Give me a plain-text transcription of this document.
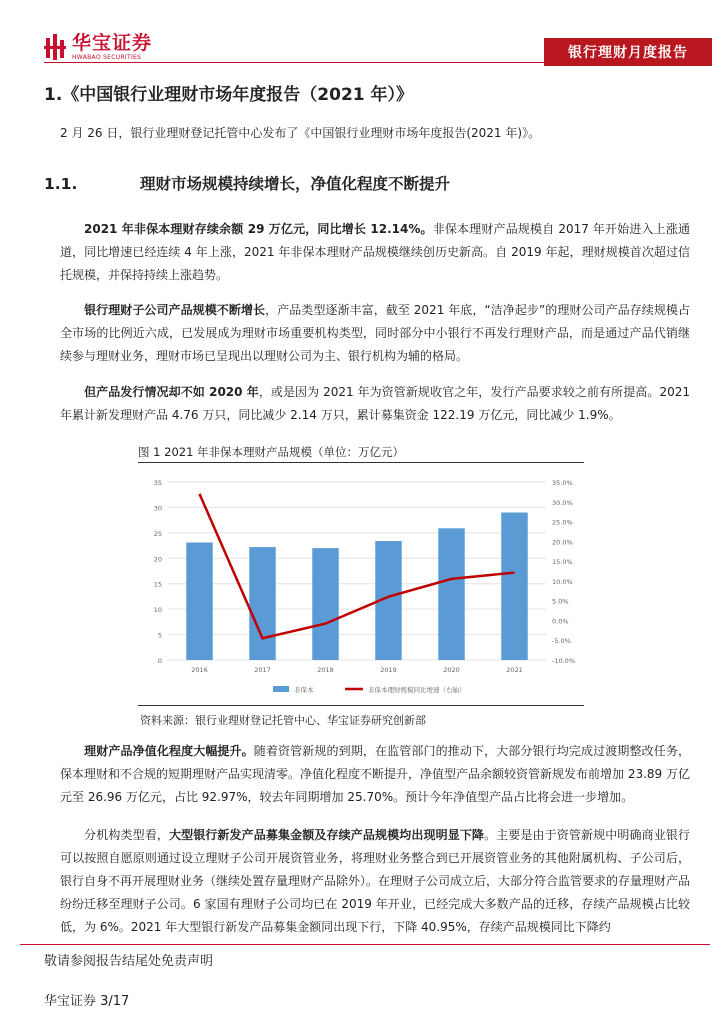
华宝证券
HWABAO SECURITIES	银行理财月度报告
1.《中国银行业理财市场年度报告（2021 年）》
2 月 26 日，银行业理财登记托管中心发布了《中国银行业理财市场年度报告(2021 年)》。
1.1.	理财市场规模持续增长，净值化程度不断提升
  2021 年非保本理财存续余额 29 万亿元，同比增长 12.14%。非保本理财产品规模自 2017 年开始进入上涨通道，同比增速已经连续 4 年上涨，2021 年非保本理财产品规模继续创历史新高。自 2019 年起，理财规模首次超过信托规模，并保持持续上涨趋势。
  银行理财子公司产品规模不断增长，产品类型逐渐丰富，截至 2021 年底，“洁净起步”的理财公司产品存续规模占全市场的比例近六成，已发展成为理财市场重要机构类型，同时部分中小银行不再发行理财产品，而是通过产品代销继续参与理财业务，理财市场已呈现出以理财公司为主、银行机构为辅的格局。
  但产品发行情况却不如 2020 年，或是因为 2021 年为资管新规收官之年，发行产品要求较之前有所提高。2021 年累计新发理财产品 4.76 万只，同比减少 2.14 万只，累计募集资金 122.19 万亿元，同比减少 1.9%。
图 1 2021 年非保本理财产品规模（单位：万亿元）
0
5
10
15
20
25
30
35
-10.0%
-5.0%
0.0%
5.0%
10.0%
15.0%
20.0%
25.0%
30.0%
35.0%
2016	2017	2018	2019	2020	2021
非保本	非保本理财规模同比增速（右轴）
资料来源：银行业理财登记托管中心、华宝证券研究创新部
  理财产品净值化程度大幅提升。随着资管新规的到期，在监管部门的推动下，大部分银行均完成过渡期整改任务，保本理财和不合规的短期理财产品实现清零。净值化程度不断提升，净值型产品余额较资管新规发布前增加 23.89 万亿元至 26.96 万亿元，占比 92.97%，较去年同期增加 25.70%。预计今年净值型产品占比将会进一步增加。
  分机构类型看，大型银行新发产品募集金额及存续产品规模均出现明显下降。主要是由于资管新规中明确商业银行可以按照自愿原则通过设立理财子公司开展资管业务，将理财业务整合到已开展资管业务的其他附属机构、子公司后，银行自身不再开展理财业务（继续处置存量理财产品除外）。在理财子公司成立后，大部分符合监管要求的存量理财产品纷纷迁移至理财子公司。6 家国有理财子公司均已在 2019 年开业，已经完成大多数产品的迁移，存续产品规模占比较低，为 6%。2021 年大型银行新发产品募集金额同出现下行，下降 40.95%，存续产品规模同比下降约
敬请参阅报告结尾处免责声明
华宝证券 3/17
